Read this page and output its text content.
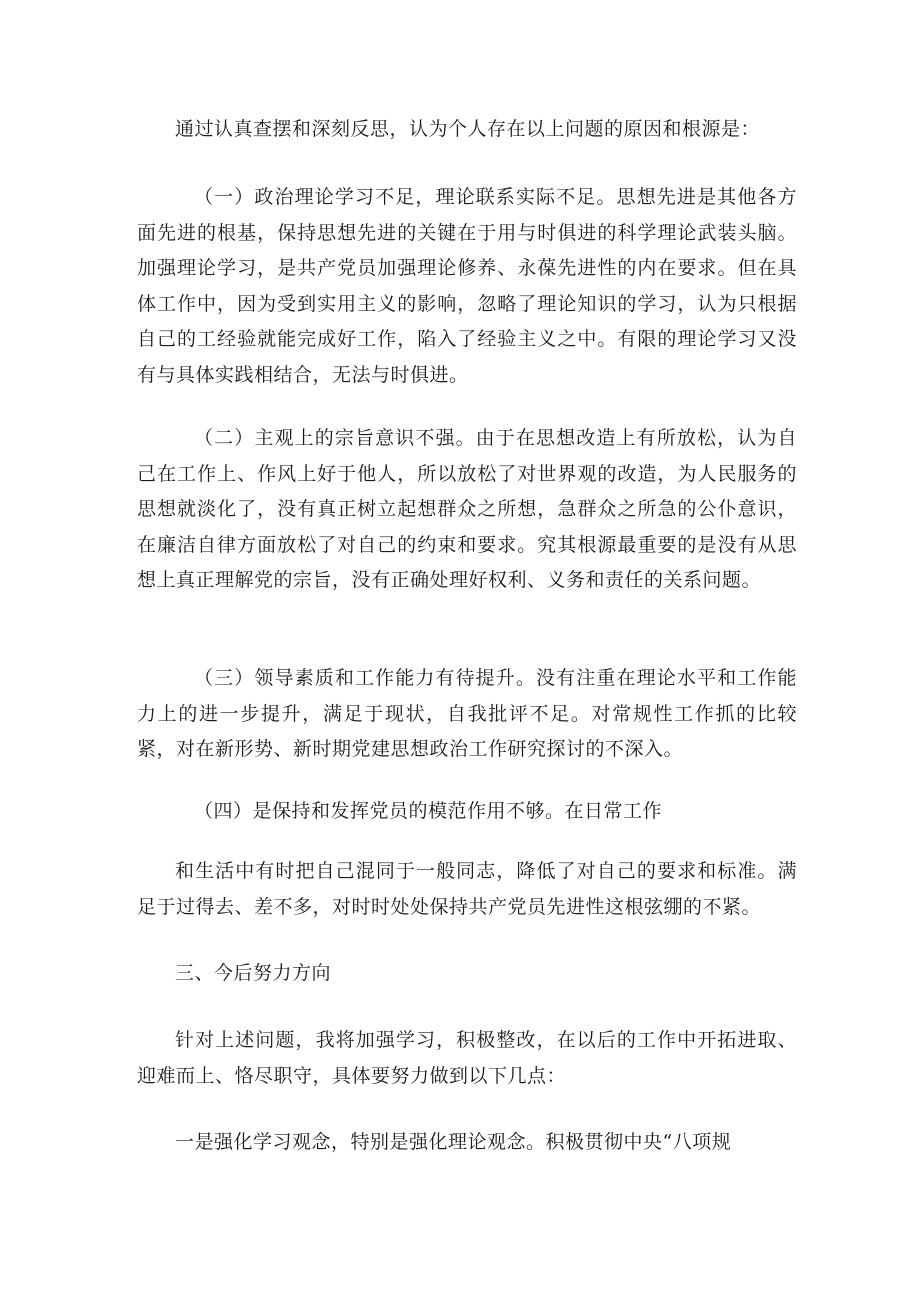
通过认真查摆和深刻反思，认为个人存在以上问题的原因和根源是：

（一）政治理论学习不足，理论联系实际不足。思想先进是其他各方面先进的根基，保持思想先进的关键在于用与时俱进的科学理论武装头脑。加强理论学习，是共产党员加强理论修养、永葆先进性的内在要求。但在具体工作中，因为受到实用主义的影响，忽略了理论知识的学习，认为只根据自己的工经验就能完成好工作，陷入了经验主义之中。有限的理论学习又没有与具体实践相结合，无法与时俱进。

（二）主观上的宗旨意识不强。由于在思想改造上有所放松，认为自己在工作上、作风上好于他人，所以放松了对世界观的改造，为人民服务的思想就淡化了，没有真正树立起想群众之所想，急群众之所急的公仆意识，在廉洁自律方面放松了对自己的约束和要求。究其根源最重要的是没有从思想上真正理解党的宗旨，没有正确处理好权利、义务和责任的关系问题。

（三）领导素质和工作能力有待提升。没有注重在理论水平和工作能力上的进一步提升，满足于现状，自我批评不足。对常规性工作抓的比较紧，对在新形势、新时期党建思想政治工作研究探讨的不深入。

（四）是保持和发挥党员的模范作用不够。在日常工作

和生活中有时把自己混同于一般同志，降低了对自己的要求和标准。满足于过得去、差不多，对时时处处保持共产党员先进性这根弦绷的不紧。

三、今后努力方向

针对上述问题，我将加强学习，积极整改，在以后的工作中开拓进取、迎难而上、恪尽职守，具体要努力做到以下几点：

一是强化学习观念，特别是强化理论观念。积极贯彻中央“八项规
